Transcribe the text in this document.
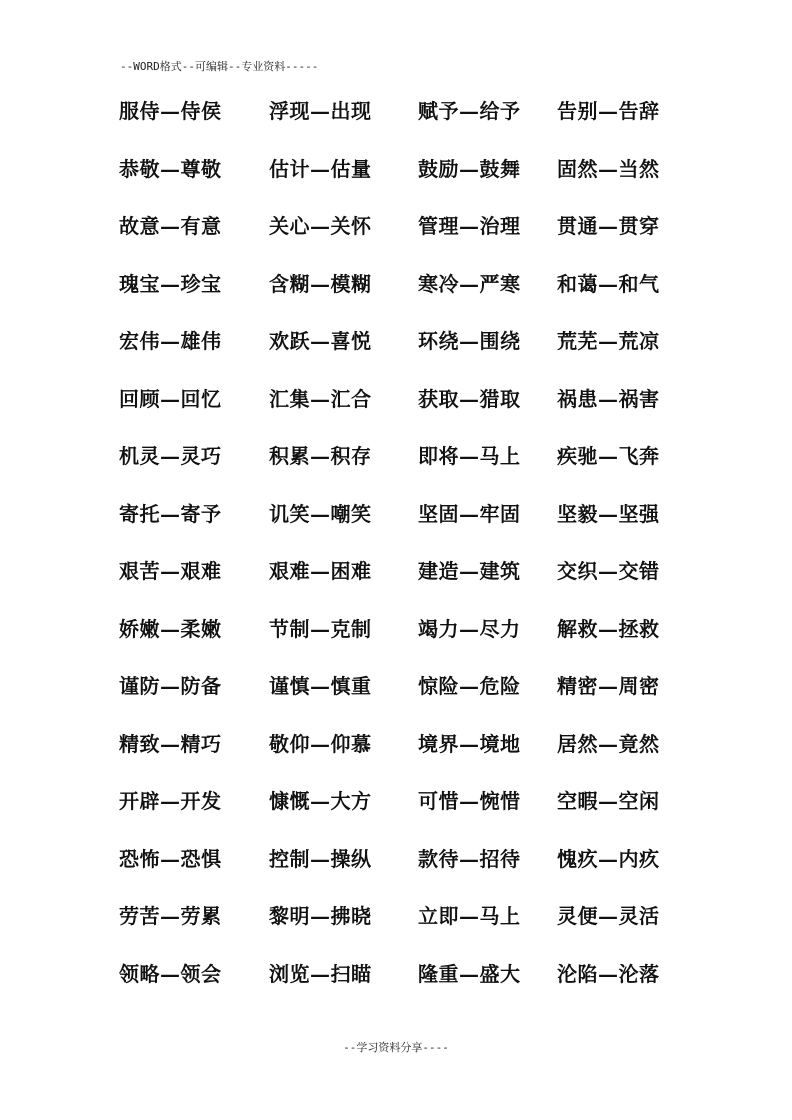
--WORD格式--可编辑--专业资料-----
服侍—侍侯 浮现—出现 赋予—给予 告别—告辞
恭敬—尊敬 估计—估量 鼓励—鼓舞 固然—当然
故意—有意 关心—关怀 管理—治理 贯通—贯穿
瑰宝—珍宝 含糊—模糊 寒冷—严寒 和蔼—和气
宏伟—雄伟 欢跃—喜悦 环绕—围绕 荒芜—荒凉
回顾—回忆 汇集—汇合 获取—猎取 祸患—祸害
机灵—灵巧 积累—积存 即将—马上 疾驰—飞奔
寄托—寄予 讥笑—嘲笑 坚固—牢固 坚毅—坚强
艰苦—艰难 艰难—困难 建造—建筑 交织—交错
娇嫩—柔嫩 节制—克制 竭力—尽力 解救—拯救
谨防—防备 谨慎—慎重 惊险—危险 精密—周密
精致—精巧 敬仰—仰慕 境界—境地 居然—竟然
开辟—开发 慷慨—大方 可惜—惋惜 空暇—空闲
恐怖—恐惧 控制—操纵 款待—招待 愧疚—内疚
劳苦—劳累 黎明—拂晓 立即—马上 灵便—灵活
领略—领会 浏览—扫瞄 隆重—盛大 沦陷—沦落
--学习资料分享----
